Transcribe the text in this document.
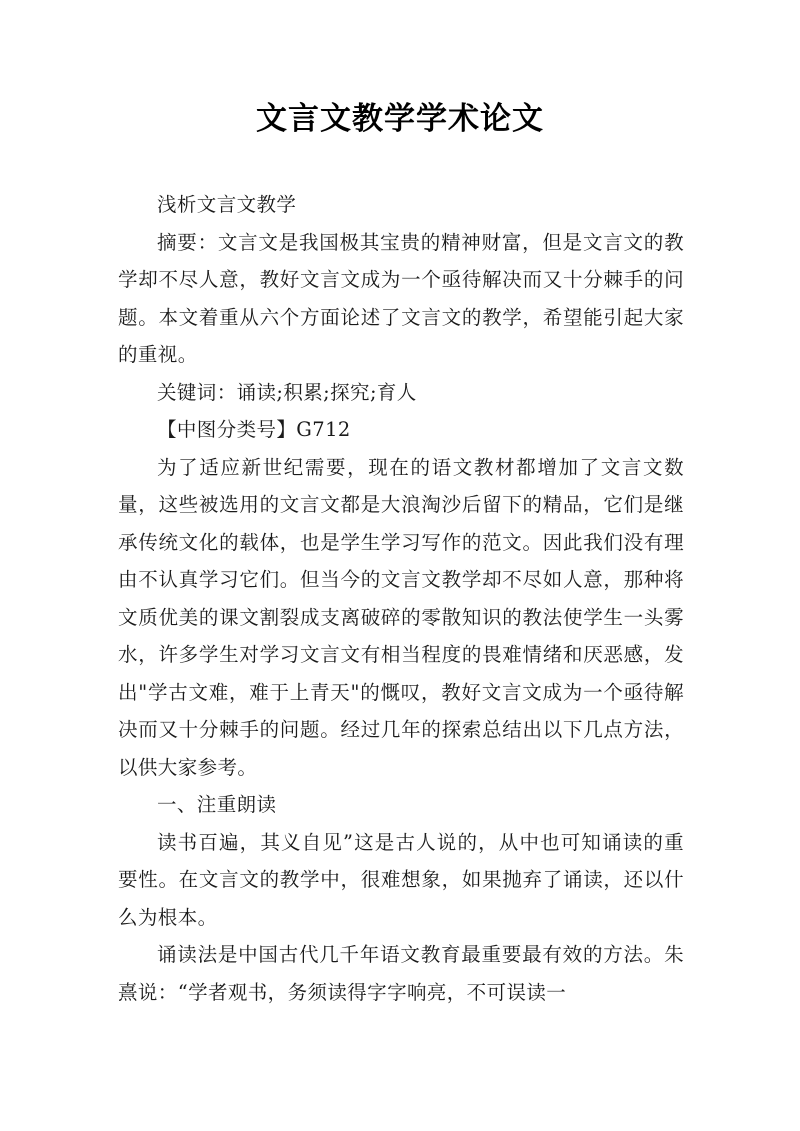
文言文教学学术论文

浅析文言文教学

摘要：文言文是我国极其宝贵的精神财富，但是文言文的教学却不尽人意，教好文言文成为一个亟待解决而又十分棘手的问题。本文着重从六个方面论述了文言文的教学，希望能引起大家的重视。

关键词：诵读;积累;探究;育人

【中图分类号】G712

为了适应新世纪需要，现在的语文教材都增加了文言文数量，这些被选用的文言文都是大浪淘沙后留下的精品，它们是继承传统文化的载体，也是学生学习写作的范文。因此我们没有理由不认真学习它们。但当今的文言文教学却不尽如人意，那种将文质优美的课文割裂成支离破碎的零散知识的教法使学生一头雾水，许多学生对学习文言文有相当程度的畏难情绪和厌恶感，发出"学古文难，难于上青天"的慨叹，教好文言文成为一个亟待解决而又十分棘手的问题。经过几年的探索总结出以下几点方法，以供大家参考。

一、注重朗读

读书百遍，其义自见”这是古人说的，从中也可知诵读的重要性。在文言文的教学中，很难想象，如果抛弃了诵读，还以什么为根本。

诵读法是中国古代几千年语文教育最重要最有效的方法。朱熹说：“学者观书，务须读得字字响亮，不可误读一
